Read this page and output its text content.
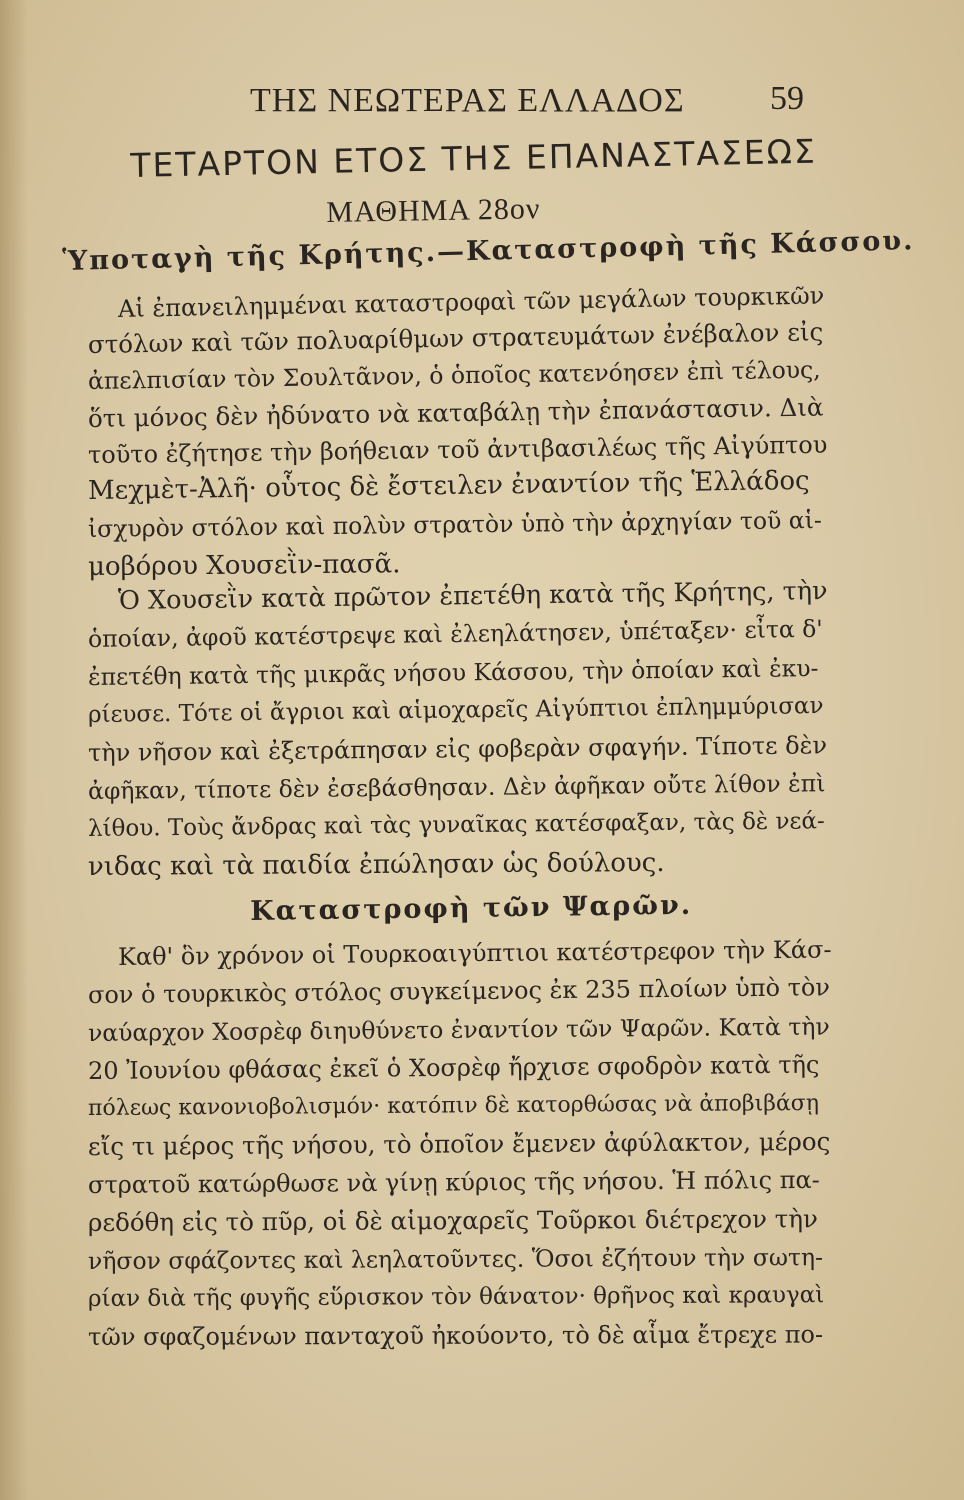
ΤΗΣ ΝΕΩΤΕΡΑΣ ΕΛΛΑΔΟΣ	59
ΤΕΤΑΡΤΟΝ ΕΤΟΣ ΤΗΣ ΕΠΑΝΑΣΤΑΣΕΩΣ
ΜΑΘΗΜΑ 28ον
Ὑποταγὴ τῆς Κρήτης.—Καταστροφὴ τῆς Κάσσου.
Αἱ ἐπανειλημμέναι καταστροφαὶ τῶν μεγάλων τουρκικῶν
στόλων καὶ τῶν πολυαρίθμων στρατευμάτων ἐνέβαλον εἰς
ἀπελπισίαν τὸν Σουλτᾶνον, ὁ ὁποῖος κατενόησεν ἐπὶ τέλους,
ὅτι μόνος δὲν ἠδύνατο νὰ καταβάλῃ τὴν ἐπανάστασιν. Διὰ
τοῦτο ἐζήτησε τὴν βοήθειαν τοῦ ἀντιβασιλέως τῆς Αἰγύπτου
Μεχμὲτ-Ἀλῆ· οὗτος δὲ ἔστειλεν ἐναντίον τῆς Ἑλλάδος
ἰσχυρὸν στόλον καὶ πολὺν στρατὸν ὑπὸ τὴν ἀρχηγίαν τοῦ αἱ-
μοβόρου Χουσεῒν-πασᾶ.
Ὁ Χουσεῒν κατὰ πρῶτον ἐπετέθη κατὰ τῆς Κρήτης, τὴν
ὁποίαν, ἀφοῦ κατέστρεψε καὶ ἐλεηλάτησεν, ὑπέταξεν· εἶτα δ'
ἐπετέθη κατὰ τῆς μικρᾶς νήσου Κάσσου, τὴν ὁποίαν καὶ ἐκυ-
ρίευσε. Τότε οἱ ἄγριοι καὶ αἱμοχαρεῖς Αἰγύπτιοι ἐπλημμύρισαν
τὴν νῆσον καὶ ἐξετράπησαν εἰς φοβερὰν σφαγήν. Τίποτε δὲν
ἀφῆκαν, τίποτε δὲν ἐσεβάσθησαν. Δὲν ἀφῆκαν οὔτε λίθον ἐπὶ
λίθου. Τοὺς ἄνδρας καὶ τὰς γυναῖκας κατέσφαξαν, τὰς δὲ νεά-
νιδας καὶ τὰ παιδία ἐπώλησαν ὡς δούλους.
Καταστροφὴ τῶν Ψαρῶν.
Καθ' ὃν χρόνον οἱ Τουρκοαιγύπτιοι κατέστρεφον τὴν Κάσ-
σον ὁ τουρκικὸς στόλος συγκείμενος ἐκ 235 πλοίων ὑπὸ τὸν
ναύαρχον Χοσρὲφ διηυθύνετο ἐναντίον τῶν Ψαρῶν. Κατὰ τὴν
20 Ἰουνίου φθάσας ἐκεῖ ὁ Χοσρὲφ ἤρχισε σφοδρὸν κατὰ τῆς
πόλεως κανονιοβολισμόν· κατόπιν δὲ κατορθώσας νὰ ἀποβιβάσῃ
εἴς τι μέρος τῆς νήσου, τὸ ὁποῖον ἔμενεν ἀφύλακτον, μέρος
στρατοῦ κατώρθωσε νὰ γίνῃ κύριος τῆς νήσου. Ἡ πόλις πα-
ρεδόθη εἰς τὸ πῦρ, οἱ δὲ αἱμοχαρεῖς Τοῦρκοι διέτρεχον τὴν
νῆσον σφάζοντες καὶ λεηλατοῦντες. Ὅσοι ἐζήτουν τὴν σωτη-
ρίαν διὰ τῆς φυγῆς εὕρισκον τὸν θάνατον· θρῆνος καὶ κραυγαὶ
τῶν σφαζομένων πανταχοῦ ἠκούοντο, τὸ δὲ αἷμα ἔτρεχε πο-
